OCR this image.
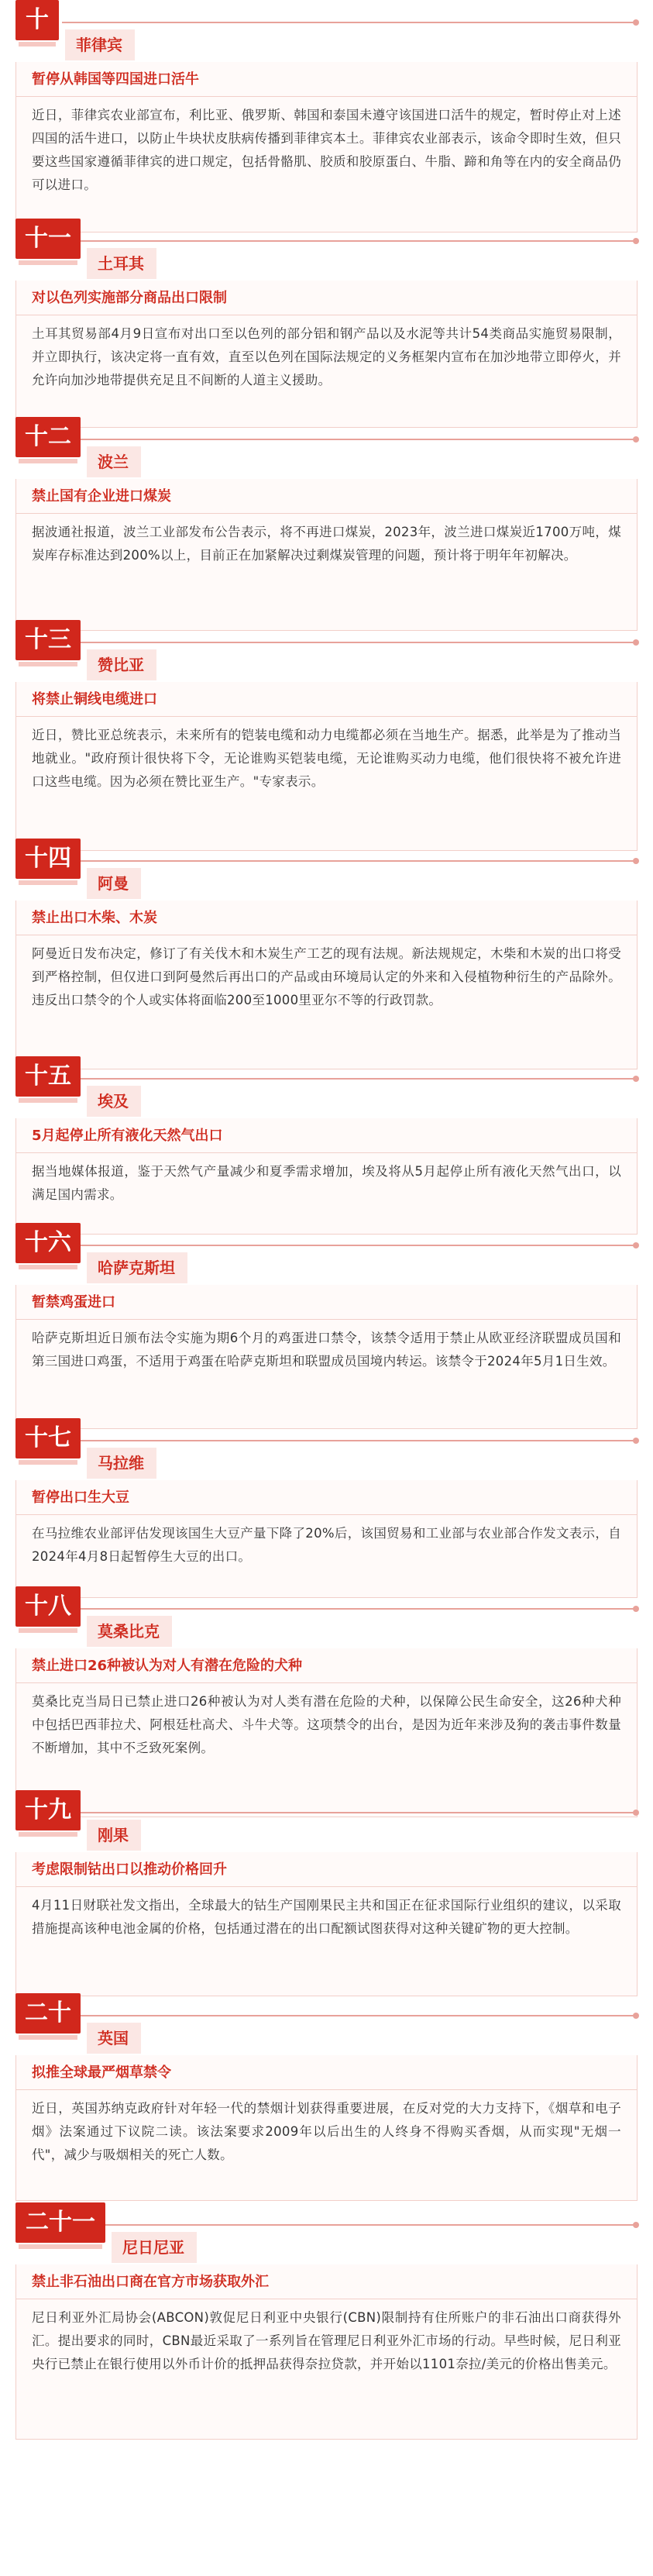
十
菲律宾
暂停从韩国等四国进口活牛
近日，菲律宾农业部宣布，利比亚、俄罗斯、韩国和泰国未遵守该国进口活牛的规定，暂时停止对上述四国的活牛进口，以防止牛块状皮肤病传播到菲律宾本土。菲律宾农业部表示，该命令即时生效，但只要这些国家遵循菲律宾的进口规定，包括骨骼肌、胶质和胶原蛋白、牛脂、蹄和角等在内的安全商品仍可以进口。
十一
土耳其
对以色列实施部分商品出口限制
土耳其贸易部4月9日宣布对出口至以色列的部分铝和钢产品以及水泥等共计54类商品实施贸易限制，并立即执行，该决定将一直有效，直至以色列在国际法规定的义务框架内宣布在加沙地带立即停火，并允许向加沙地带提供充足且不间断的人道主义援助。
十二
波兰
禁止国有企业进口煤炭
据波通社报道，波兰工业部发布公告表示，将不再进口煤炭，2023年，波兰进口煤炭近1700万吨，煤炭库存标准达到200%以上，目前正在加紧解决过剩煤炭管理的问题，预计将于明年年初解决。
十三
赞比亚
将禁止铜线电缆进口
近日，赞比亚总统表示，未来所有的铠装电缆和动力电缆都必须在当地生产。据悉，此举是为了推动当地就业。"政府预计很快将下令，无论谁购买铠装电缆，无论谁购买动力电缆，他们很快将不被允许进口这些电缆。因为必须在赞比亚生产。"专家表示。
十四
阿曼
禁止出口木柴、木炭
阿曼近日发布决定，修订了有关伐木和木炭生产工艺的现有法规。新法规规定，木柴和木炭的出口将受到严格控制，但仅进口到阿曼然后再出口的产品或由环境局认定的外来和入侵植物种衍生的产品除外。违反出口禁令的个人或实体将面临200至1000里亚尔不等的行政罚款。
十五
埃及
5月起停止所有液化天然气出口
据当地媒体报道，鉴于天然气产量减少和夏季需求增加，埃及将从5月起停止所有液化天然气出口，以满足国内需求。
十六
哈萨克斯坦
暂禁鸡蛋进口
哈萨克斯坦近日颁布法令实施为期6个月的鸡蛋进口禁令，该禁令适用于禁止从欧亚经济联盟成员国和第三国进口鸡蛋，不适用于鸡蛋在哈萨克斯坦和联盟成员国境内转运。该禁令于2024年5月1日生效。
十七
马拉维
暂停出口生大豆
在马拉维农业部评估发现该国生大豆产量下降了20%后，该国贸易和工业部与农业部合作发文表示，自2024年4月8日起暂停生大豆的出口。
十八
莫桑比克
禁止进口26种被认为对人有潜在危险的犬种
莫桑比克当局日已禁止进口26种被认为对人类有潜在危险的犬种，以保障公民生命安全，这26种犬种中包括巴西菲拉犬、阿根廷杜高犬、斗牛犬等。这项禁令的出台，是因为近年来涉及狗的袭击事件数量不断增加，其中不乏致死案例。
十九
刚果
考虑限制钴出口以推动价格回升
4月11日财联社发文指出，全球最大的钴生产国刚果民主共和国正在征求国际行业组织的建议，以采取措施提高该种电池金属的价格，包括通过潜在的出口配额试图获得对这种关键矿物的更大控制。
二十
英国
拟推全球最严烟草禁令
近日，英国苏纳克政府针对年轻一代的禁烟计划获得重要进展，在反对党的大力支持下，《烟草和电子烟》法案通过下议院二读。该法案要求2009年以后出生的人终身不得购买香烟，从而实现"无烟一代"，减少与吸烟相关的死亡人数。
二十一
尼日尼亚
禁止非石油出口商在官方市场获取外汇
尼日利亚外汇局协会(ABCON)敦促尼日利亚中央银行(CBN)限制持有住所账户的非石油出口商获得外汇。提出要求的同时，CBN最近采取了一系列旨在管理尼日利亚外汇市场的行动。早些时候，尼日利亚央行已禁止在银行使用以外币计价的抵押品获得奈拉贷款，并开始以1101奈拉/美元的价格出售美元。
